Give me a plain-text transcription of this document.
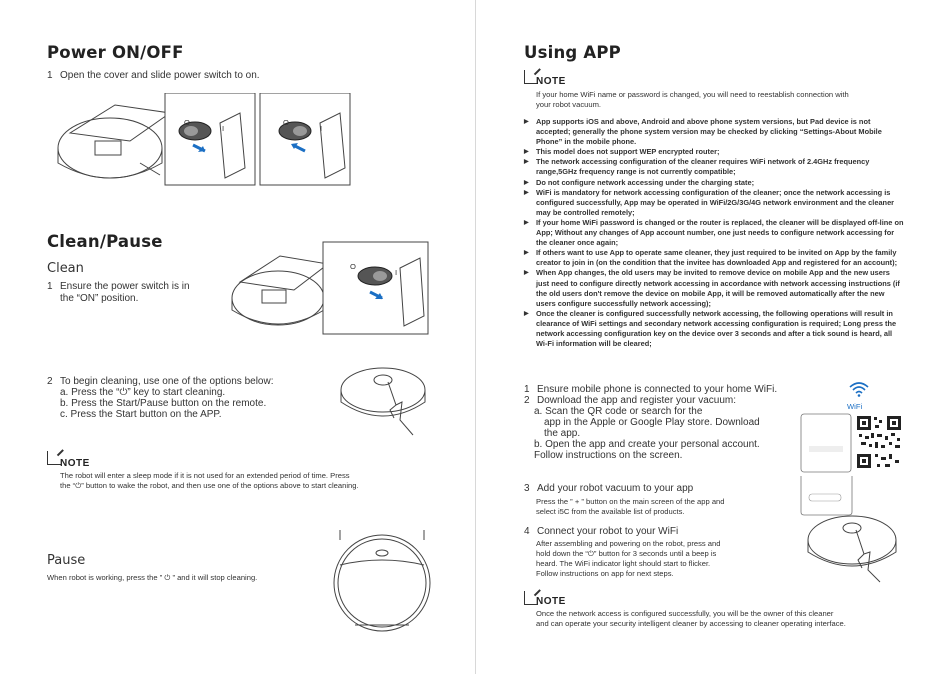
Power ON/OFF
1 Open the cover and slide power switch to on.
O
I
O
I
Clean/Pause
Clean
1 Ensure the power switch is in
the “ON” position.
O
I
2 To begin cleaning, use one of the options below:
a. Press the “⏻” key to start cleaning.
b. Press the Start/Pause button on the remote.
c. Press the Start button on the APP.
NOTE
The robot will enter a sleep mode if it is not used for an extended period of time. Press
the “⏻” button to wake the robot, and then use one of the options above to start cleaning.
Pause
When robot is working, press the ” ⏻ ” and it will stop cleaning.
Using APP
NOTE
If your home WiFi name or password is changed, you will need to reestablish connection with
your robot vacuum.
▶ App supports iOS and above, Android and above phone system versions, but Pad device is not accepted; generally the phone system version may be checked by clicking “Settings-About Mobile Phone” in the mobile phone.
▶ This model does not support WEP encrypted router;
▶ The network accessing configuration of the cleaner requires WiFi network of 2.4GHz frequency range,5GHz frequency range is not currently compatible;
▶ Do not configure network accessing under the charging state;
▶ WiFi is mandatory for network accessing configuration of the cleaner; once the network accessing is configured successfully, App may be operated in WiFi/2G/3G/4G network environment and the cleaner may be controlled remotely;
▶ If your home WiFi password is changed or the router is replaced, the cleaner will be displayed off-line on App; Without any changes of App account number, one just needs to configure network accessing for the cleaner once again;
▶ If others want to use App to operate same cleaner, they just required to be invited on App by the family creator to join in (on the condition that the invitee has downloaded App and registered for an account);
▶ When App changes, the old users may be invited to remove device on mobile App and the new users just need to configure directly network accessing in accordance with network accessing instructions (if the old users don't remove the device on mobile App, it will be removed automatically after the new users configure successfully network accessing);
▶ Once the cleaner is configured successfully network accessing, the following operations will result in clearance of WiFi settings and secondary network accessing configuration is required; Long press the network accessing configuration key on the device over 3 seconds and after a tick sound is heard, all Wi-Fi information will be cleared;
1 Ensure mobile phone is connected to your home WiFi.
2 Download the app and register your vacuum:
WiFi
a. Scan the QR code or search for the
app in the Apple or Google Play store. Download
the app.
b. Open the app and create your personal account.
Follow instructions on the screen.
3 Add your robot vacuum to your app
Press the ” + ” button on the main screen of the app and
select i5C from the available list of products.
4 Connect your robot to your WiFi
After assembling and powering on the robot, press and
hold down the “⏻” button for 3 seconds until a beep is
heard. The WiFi indicator light should start to flicker.
Follow instructions on app for next steps.
NOTE
Once the network access is configured successfully, you will be the owner of this cleaner
and can operate your security intelligent cleaner by accessing to cleaner operating interface.
